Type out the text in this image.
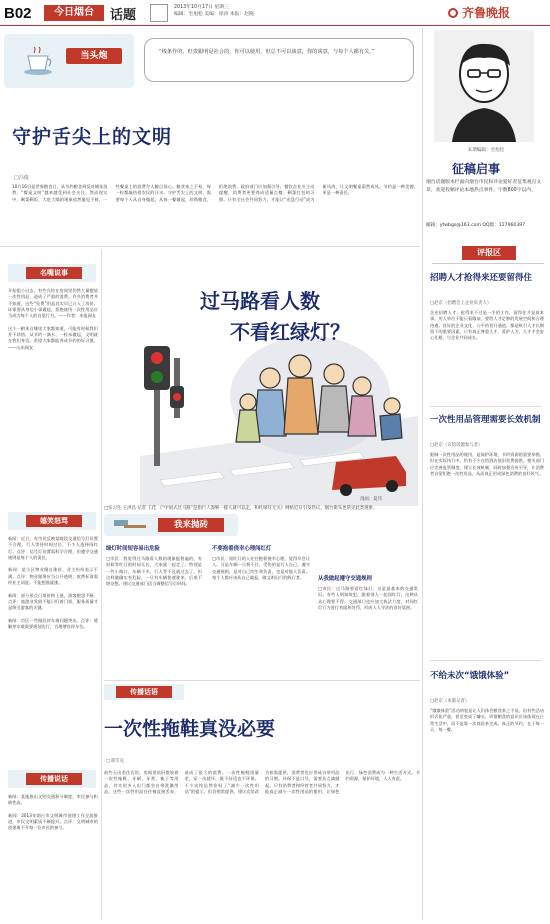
B02	今日烟台	话题
2013年10月17日 星期三
编辑：宅旭松 美编：徐涛 本报：赵晓	齐鲁晚报
当头炮	“线条作的，但贵跟明是社会的，你可以使用，但总不可以谈意，你的谈意，与每个人都有关。”
守护舌尖上的文明
□冯俊
10月16日是世界粮食日，从节约粮食到反对铺张浪费，“餐桌文明”越来越受到社会关注。然而现实中，剩菜剩饭、大吃大喝的现象依然屡见不鲜，一些餐桌上的浪费令人触目惊心。粮食来之不易，每一粒都凝结着农民的汗水。守护舌尖上的文明，需要每个人从自身做起，从每一餐做起，珍惜粮食，拒绝浪费。政府部门应加强引导，餐饮企业应主动提醒，消费者更要养成适量点餐、剩菜打包的习惯。只有全社会共同努力，才能让“光盘行动”成为新风尚，让文明餐桌蔚然成风。节约是一种美德，更是一种责任。
本期编辑：宅旭松
征稿启事
烟台话题版本栏面向烟台市民和评论爱好者征集观点文章，欢迎投稿评论本地热点事件，字数800字以内。
邮箱：ytwbgs@163.com QQ群：127960397
评报区
招聘人才抢得来还要留得住
□赵京（招聘会上企业负责人）
企业招聘人才，抢得来不过是一半的工作，留得住才是真本事。用人单位不能只看眼前，要给人才足够的发展空间和合理待遇。良好的企业文化、公平的晋升通道，都是吸引人才长期留下的重要因素。只有真正尊重人才、爱护人才，人才才会安心扎根、与企业共同成长。
一次性用品管理需要长效机制
□赵京（宾馆话题参与者）
限制一次性用品的使用，是保护环境、节约资源的重要举措。但在实际执行中，仍有不少宾馆酒店依旧免费提供。相关部门应完善监管制度，建立长效机制，同时加强宣传引导，让消费者自觉拒绝一次性用品，从而真正形成绿色消费的良好风气。
不给未次“饿饿体验”
□赵京（本版记者）
“饿饿体验”活动初衷是让人们体会粮食来之不易，但有些活动形式化严重，甚至变成了噱头。珍惜粮食的意识应该体现在日常生活中，而不是靠一次体验来完成。真正的节约，在于每一天、每一餐。
名嘴说事
开始组小过去，有些宾馆在房间里仍然大量摆放一次性用品，造成了严重的浪费。许多消费者并不知道，这些“免费”用品其实早已计入了房价。环保要从身边小事做起，拒绝使用一次性用品应当成为每个人的自觉行为。——作者：本报网友

这个一粮来自哪里大家都知道，可能有时候我们并不珍惜。从节约一滴水、一粒米做起，文明就在我们身边。希望大家都能养成节约的好习惯。——山东网友
嬉笑怒骂
新闻：近日，有市民反映某路段交通信号灯设置不合理，行人等待时间过长，不少人选择闯红灯。点评：信号灯设置需科学合理，但遵守交通规则是每个人的责任。

新闻：某小区物业擅自涨价，业主纷纷表示不满。点评：物业服务应当公开透明，收费标准需经业主同意，不能想涨就涨。

新闻：部分景点门票价格上涨，游客抱怨不断。点评：旅游业发展不能只盯着门票，服务质量才是吸引游客的关键。

新闻：市区一些路段停车难问题突出。点评：缓解停车难需要规划先行，合理增设停车位。
传播说话
新闻：某地推出文明交通积分制度，市民参与积极性高。

新闻：2013年烟台市文明城市创建工作全面推进，市民文明素质不断提升。点评：文明城市的创建离不开每一位市民的参与。
过马路看人数
不看红绿灯？
漫画：夏伟
□实习生 王洪昌 记者 王佳 《“中国式过马路”是指行人凑够一拨人就可以走，和红绿灯无关》网帖近日引发热议，烟台街头也常见此类现象。
我来抛砖
绿灯时间短容易出危险
□市民：我觉得过马路看人数的现象挺普遍的，有时候等红灯的时间太长，大家就一起走了。特别是一些小路口，车辆不多，行人等不及就过去了。但这样做确实有危险，一旦有车辆快速驶来，后果不堪设想。建议交通部门适当调整信号灯时间。
不要抱着侥幸心理闯红灯
□市民：闯红灯的人往往抱着侥幸心理，觉得车会让人。可是车辆一旦刹不住，受伤的是行人自己。遵守交通规则，是对自己的生命负责，也是对他人负责。每个人都应该从自己做起，做文明出行的践行者。	从我做起遵守交通规则
□市民：过马路要看红绿灯，这是最基本的交通常识。有些人明知故犯，跟着别人一起闯红灯，这种从众心理要不得。交通部门也应加大执法力度，对闯红灯行为进行劝阻和处罚，形成人人守法的良好氛围。
传播话语
一次性拖鞋真没必要
□谭雪克
前些天出差住宾馆，房间里依旧摆放着一次性拖鞋、牙刷、牙膏、梳子等用品。其实很多人出门都会自带洗漱用品，这些一次性用品往往被直接丢弃，造成了很大的浪费。一次性拖鞋质量差，穿一次就坏，既不舒适也不环保。不少宾馆虽然张贴了“减少一次性用品”的提示，但仍照常提供。建议宾馆改为按需提供，消费者也应养成自带用品的习惯。环保不是口号，需要从点滴做起。只有消费者和经营者共同努力，才能真正减少一次性用品的使用，让绿色出行、绿色消费成为一种生活方式。节约资源，保护环境，人人有责。
